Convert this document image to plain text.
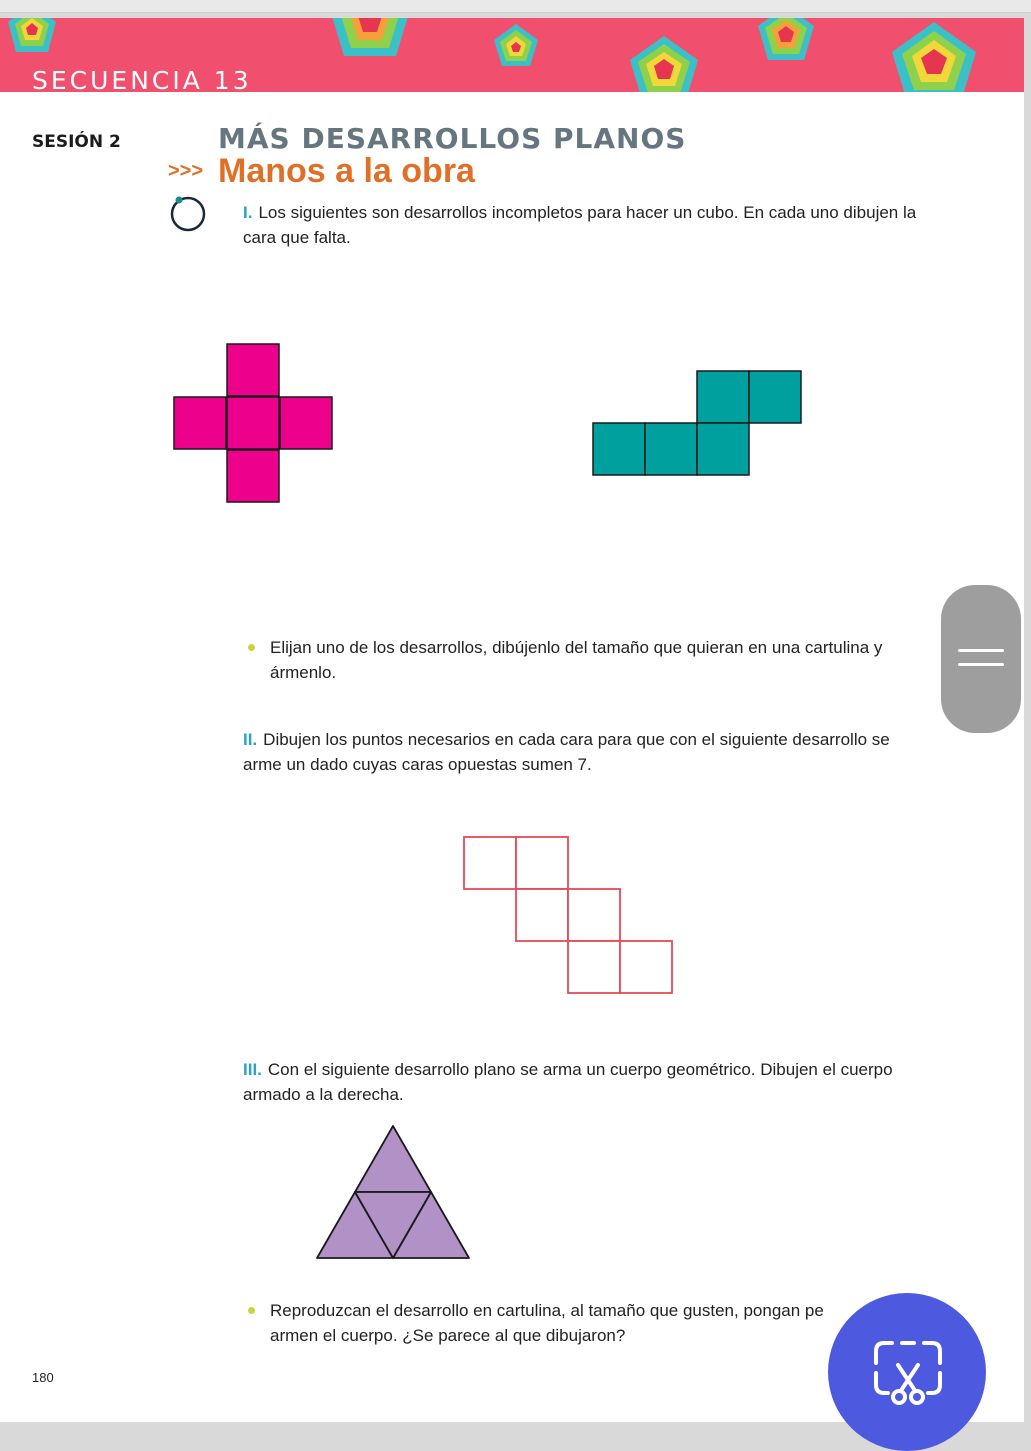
SECUENCIA 13
SESIÓN 2	MÁS DESARROLLOS PLANOS
>>> Manos a la obra
I. Los siguientes son desarrollos incompletos para hacer un cubo. En cada uno dibujen la cara que falta.
Elijan uno de los desarrollos, dibújenlo del tamaño que quieran en una cartulina y ármenlo.
II. Dibujen los puntos necesarios en cada cara para que con el siguiente desarrollo se arme un dado cuyas caras opuestas sumen 7.
III. Con el siguiente desarrollo plano se arma un cuerpo geométrico. Dibujen el cuerpo armado a la derecha.
Reproduzcan el desarrollo en cartulina, al tamaño que gusten, pongan pe armen el cuerpo. ¿Se parece al que dibujaron?
180
